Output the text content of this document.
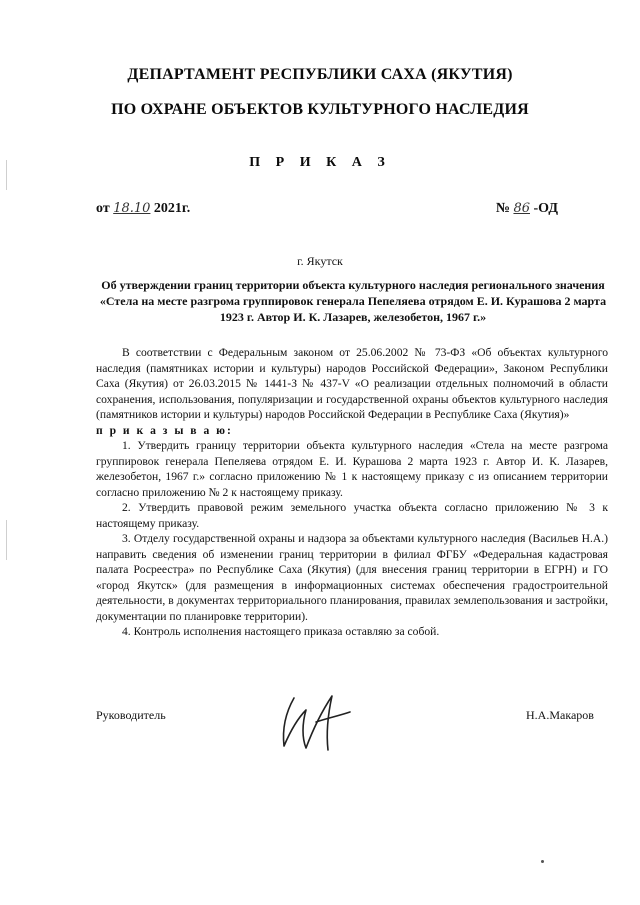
ДЕПАРТАМЕНТ РЕСПУБЛИКИ САХА (ЯКУТИЯ)
ПО ОХРАНЕ ОБЪЕКТОВ КУЛЬТУРНОГО НАСЛЕДИЯ
П Р И К А З
от 18.10 2021г.	№ 86 -ОД
г. Якутск
Об утверждении границ территории объекта культурного наследия регионального значения «Стела на месте разгрома группировок генерала Пепеляева отрядом Е. И. Курашова 2 марта 1923 г. Автор И. К. Лазарев, железобетон, 1967 г.»

В соответствии с Федеральным законом от 25.06.2002 № 73-ФЗ «Об объектах культурного наследия (памятниках истории и культуры) народов Российской Федерации», Законом Республики Саха (Якутия) от 26.03.2015 № 1441-З № 437-V «О реализации отдельных полномочий в области сохранения, использования, популяризации и государственной охраны объектов культурного наследия (памятников истории и культуры) народов Российской Федерации в Республике Саха (Якутия)»

п р и к а з ы в а ю:

1. Утвердить границу территории объекта культурного наследия «Стела на месте разгрома группировок генерала Пепеляева отрядом Е. И. Курашова 2 марта 1923 г. Автор И. К. Лазарев, железобетон, 1967 г.» согласно приложению № 1 к настоящему приказу с из описанием территории согласно приложению № 2 к настоящему приказу.

2. Утвердить правовой режим земельного участка объекта согласно приложению № 3 к настоящему приказу.

3. Отделу государственной охраны и надзора за объектами культурного наследия (Васильев Н.А.) направить сведения об изменении границ территории в филиал ФГБУ «Федеральная кадастровая палата Росреестра» по Республике Саха (Якутия) (для внесения границ территории в ЕГРН) и ГО «город Якутск» (для размещения в информационных системах обеспечения градостроительной деятельности, в документах территориального планирования, правилах землепользования и застройки, документации по планировке территории).

4. Контроль исполнения настоящего приказа оставляю за собой.

Руководитель	Н.А.Макаров
